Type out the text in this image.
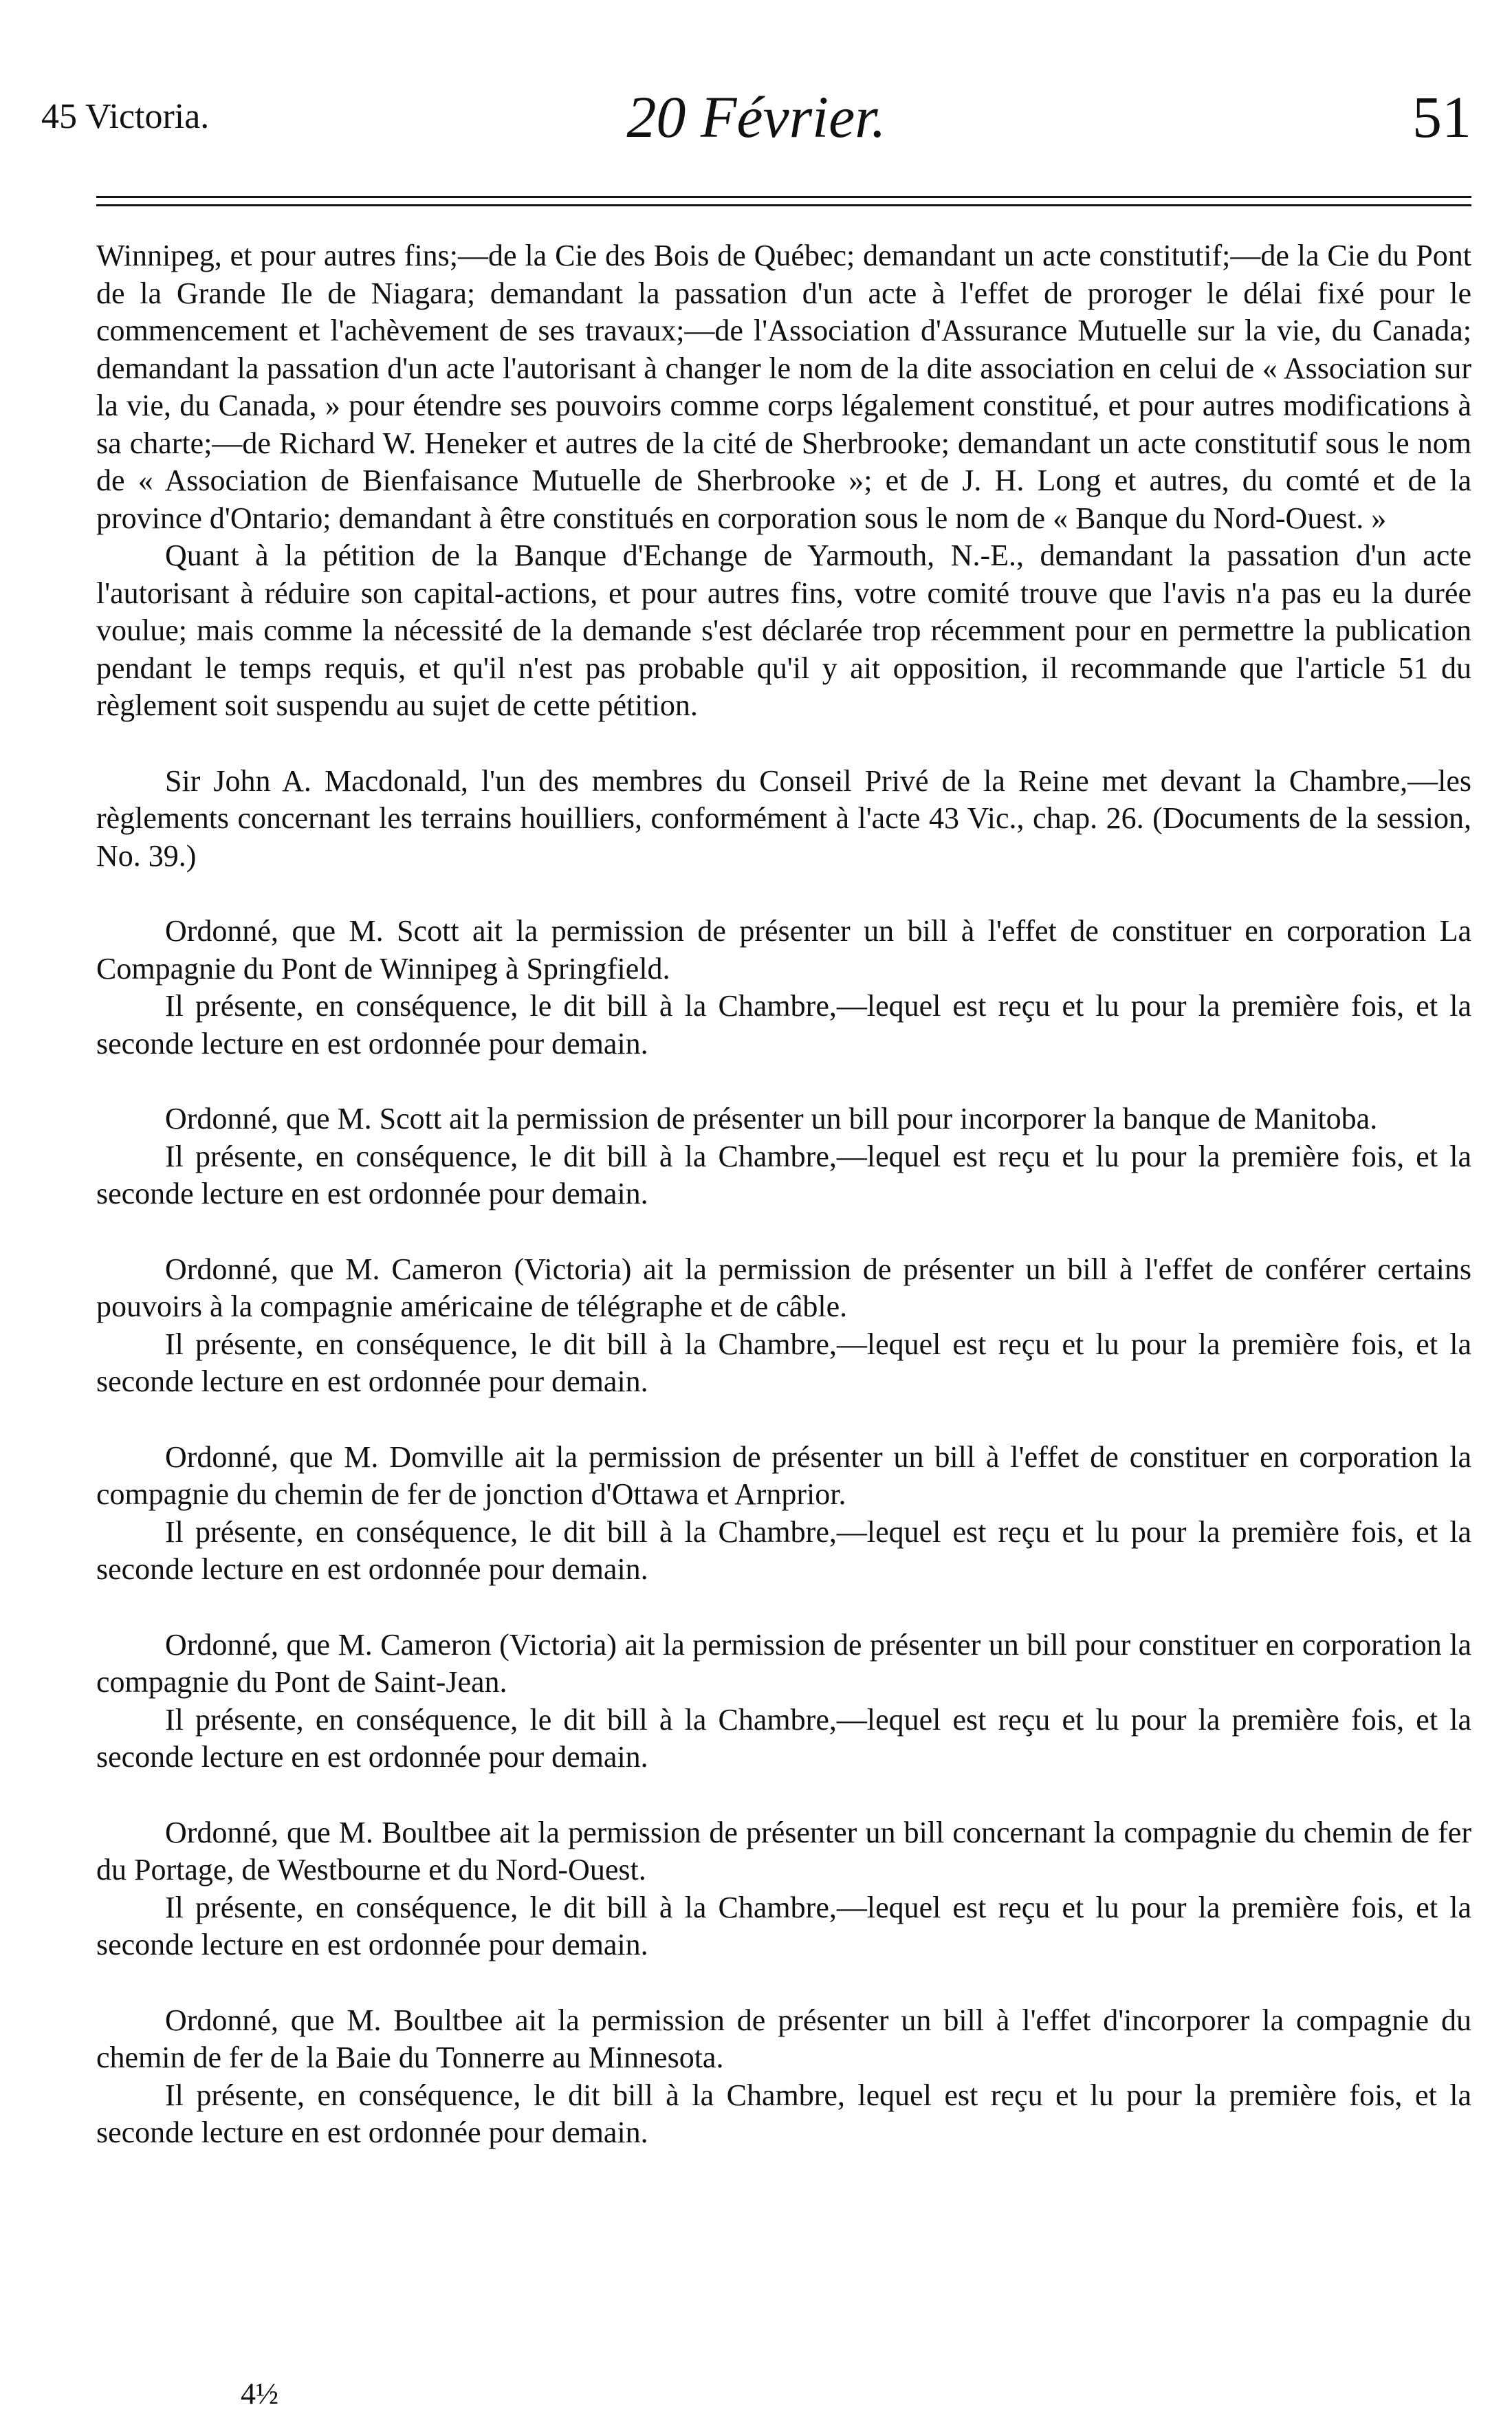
45 Victoria.	20 Février.	51

Winnipeg, et pour autres fins;—de la Cie des Bois de Québec; demandant un acte constitutif;—de la Cie du Pont de la Grande Ile de Niagara; demandant la passation d'un acte à l'effet de proroger le délai fixé pour le commencement et l'achèvement de ses travaux;—de l'Association d'Assurance Mutuelle sur la vie, du Canada; demandant la passation d'un acte l'autorisant à changer le nom de la dite association en celui de « Association sur la vie, du Canada, » pour étendre ses pouvoirs comme corps légalement constitué, et pour autres modifications à sa charte;—de Richard W. Heneker et autres de la cité de Sherbrooke; demandant un acte constitutif sous le nom de « Association de Bienfaisance Mutuelle de Sherbrooke »; et de J. H. Long et autres, du comté et de la province d'Ontario; demandant à être constitués en corporation sous le nom de « Banque du Nord-Ouest. »

Quant à la pétition de la Banque d'Echange de Yarmouth, N.-E., demandant la passation d'un acte l'autorisant à réduire son capital-actions, et pour autres fins, votre comité trouve que l'avis n'a pas eu la durée voulue; mais comme la nécessité de la demande s'est déclarée trop récemment pour en permettre la publication pendant le temps requis, et qu'il n'est pas probable qu'il y ait opposition, il recommande que l'article 51 du règlement soit suspendu au sujet de cette pétition.

Sir John A. Macdonald, l'un des membres du Conseil Privé de la Reine met devant la Chambre,—les règlements concernant les terrains houilliers, conformément à l'acte 43 Vic., chap. 26. (Documents de la session, No. 39.)

Ordonné, que M. Scott ait la permission de présenter un bill à l'effet de constituer en corporation La Compagnie du Pont de Winnipeg à Springfield.

Il présente, en conséquence, le dit bill à la Chambre,—lequel est reçu et lu pour la première fois, et la seconde lecture en est ordonnée pour demain.

Ordonné, que M. Scott ait la permission de présenter un bill pour incorporer la banque de Manitoba.

Il présente, en conséquence, le dit bill à la Chambre,—lequel est reçu et lu pour la première fois, et la seconde lecture en est ordonnée pour demain.

Ordonné, que M. Cameron (Victoria) ait la permission de présenter un bill à l'effet de conférer certains pouvoirs à la compagnie américaine de télégraphe et de câble.

Il présente, en conséquence, le dit bill à la Chambre,—lequel est reçu et lu pour la première fois, et la seconde lecture en est ordonnée pour demain.

Ordonné, que M. Domville ait la permission de présenter un bill à l'effet de constituer en corporation la compagnie du chemin de fer de jonction d'Ottawa et Arnprior.

Il présente, en conséquence, le dit bill à la Chambre,—lequel est reçu et lu pour la première fois, et la seconde lecture en est ordonnée pour demain.

Ordonné, que M. Cameron (Victoria) ait la permission de présenter un bill pour constituer en corporation la compagnie du Pont de Saint-Jean.

Il présente, en conséquence, le dit bill à la Chambre,—lequel est reçu et lu pour la première fois, et la seconde lecture en est ordonnée pour demain.

Ordonné, que M. Boultbee ait la permission de présenter un bill concernant la compagnie du chemin de fer du Portage, de Westbourne et du Nord-Ouest.

Il présente, en conséquence, le dit bill à la Chambre,—lequel est reçu et lu pour la première fois, et la seconde lecture en est ordonnée pour demain.

Ordonné, que M. Boultbee ait la permission de présenter un bill à l'effet d'incorporer la compagnie du chemin de fer de la Baie du Tonnerre au Minnesota.

Il présente, en conséquence, le dit bill à la Chambre, lequel est reçu et lu pour la première fois, et la seconde lecture en est ordonnée pour demain.

4½
